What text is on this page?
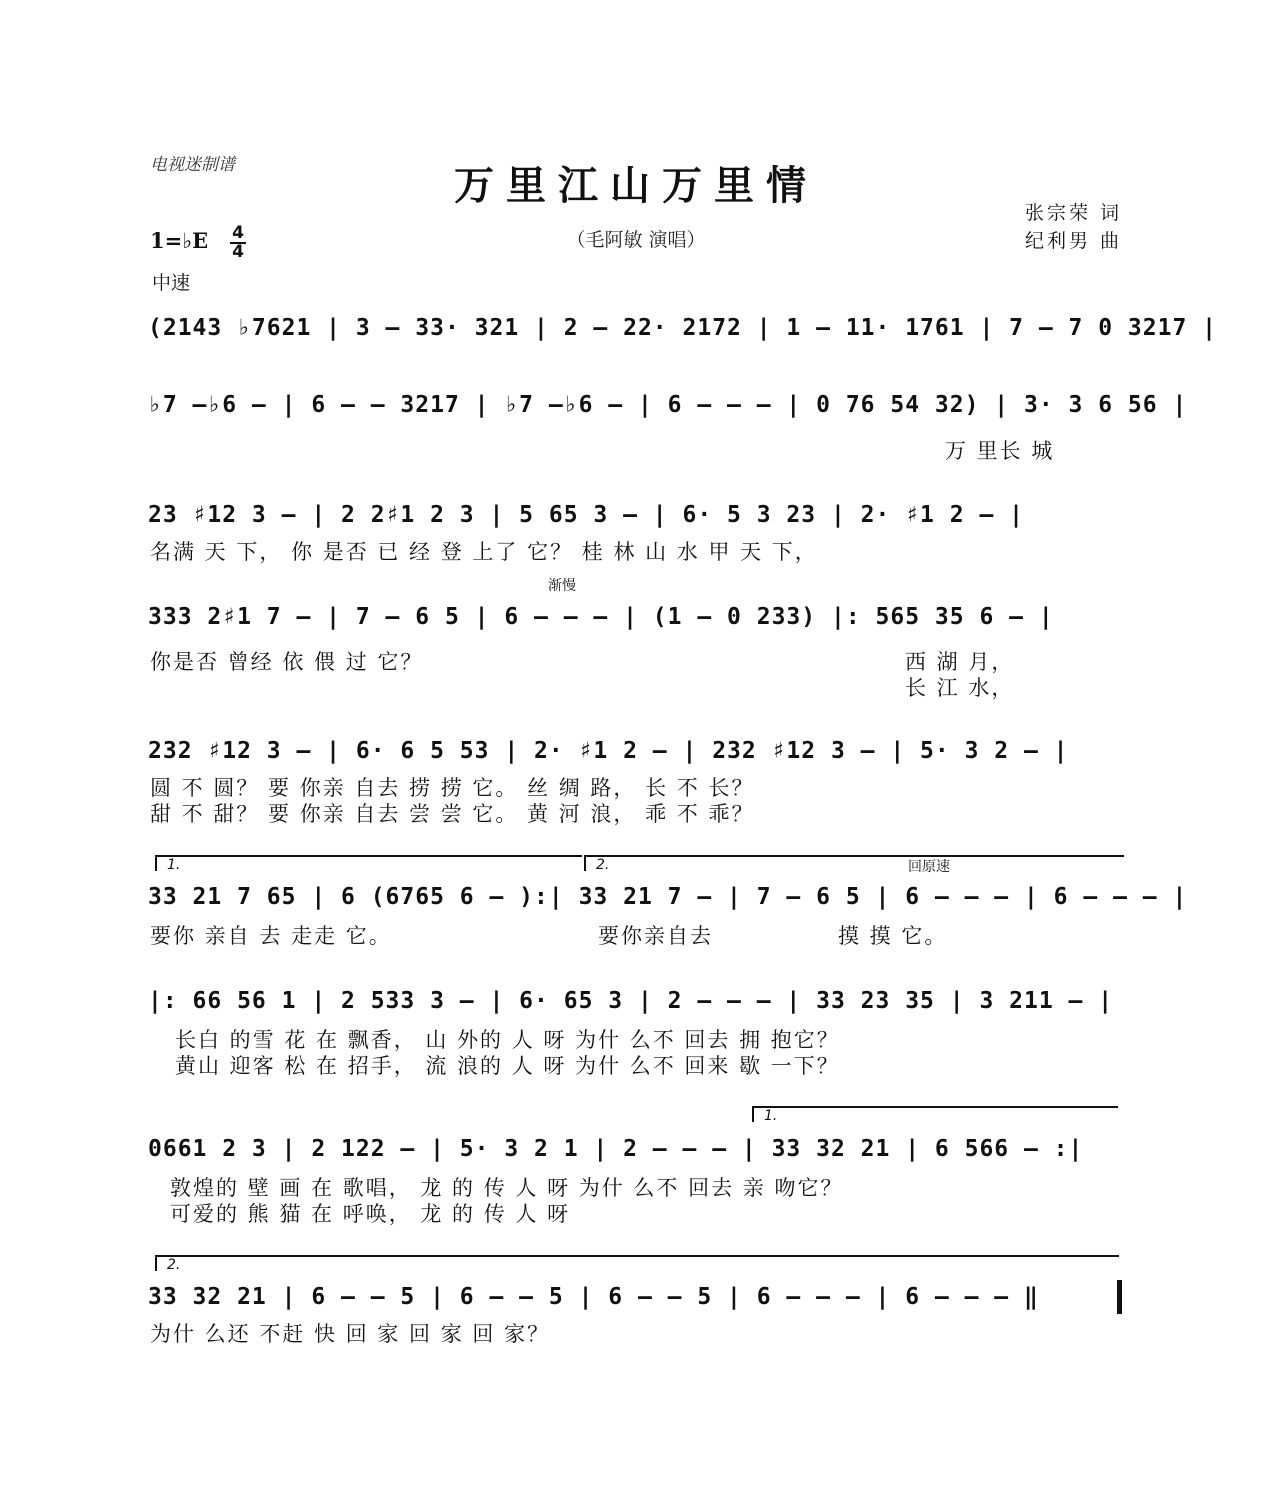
电视迷制谱	万里江山万里情
（毛阿敏 演唱）
张宗荣 词
纪利男 曲
1=♭E 4
4
中速
(2143 ♭7621 | 3 – 33· 321 | 2 – 22· 2172 | 1 – 11· 1761 | 7 – 7 0 3217 |
♭7 –♭6 – | 6 – – 3217 | ♭7 –♭6 – | 6 – – – | 0 76 54 32) | 3· 3 6 56 |
万 里长 城
23 ♯12 3 – | 2 2♯1 2 3 | 5 65 3 – | 6· 5 3 23 | 2· ♯1 2 – |
名满 天 下， 你 是否 已 经 登 上了 它？ 桂 林 山 水 甲 天 下，
渐慢
333 2♯1 7 – | 7 – 6 5 | 6 – – – | (1 – 0 233) |: 565 35 6 – |
你是否 曾经 依 偎 过 它？	西 湖 月，
长 江 水，
232 ♯12 3 – | 6· 6 5 53 | 2· ♯1 2 – | 232 ♯12 3 – | 5· 3 2 – |
圆 不 圆？ 要 你亲 自去 捞 捞 它。 丝 绸 路， 长 不 长？
甜 不 甜？ 要 你亲 自去 尝 尝 它。 黄 河 浪， 乖 不 乖？
1.	2.	回原速
33 21 7 65 | 6 (6765 6 – ):| 33 21 7 – | 7 – 6 5 | 6 – – – | 6 – – – |
要你 亲自 去 走走 它。	要你亲自去	摸 摸 它。
|: 66 56 1 | 2 533 3 – | 6· 65 3 | 2 – – – | 33 23 35 | 3 211 – |
长白 的雪 花 在 飘香， 山 外的 人 呀 为什 么不 回去 拥 抱它？
黄山 迎客 松 在 招手， 流 浪的 人 呀 为什 么不 回来 歇 一下？
1.
0661 2 3 | 2 122 – | 5· 3 2 1 | 2 – – – | 33 32 21 | 6 566 – :|
敦煌的 壁 画 在 歌唱， 龙 的 传 人 呀 为什 么不 回去 亲 吻它？
可爱的 熊 猫 在 呼唤， 龙 的 传 人 呀
2.
33 32 21 | 6 – – 5 | 6 – – 5 | 6 – – 5 | 6 – – – | 6 – – – ‖
为什 么还 不赶 快 回 家 回 家 回 家？
